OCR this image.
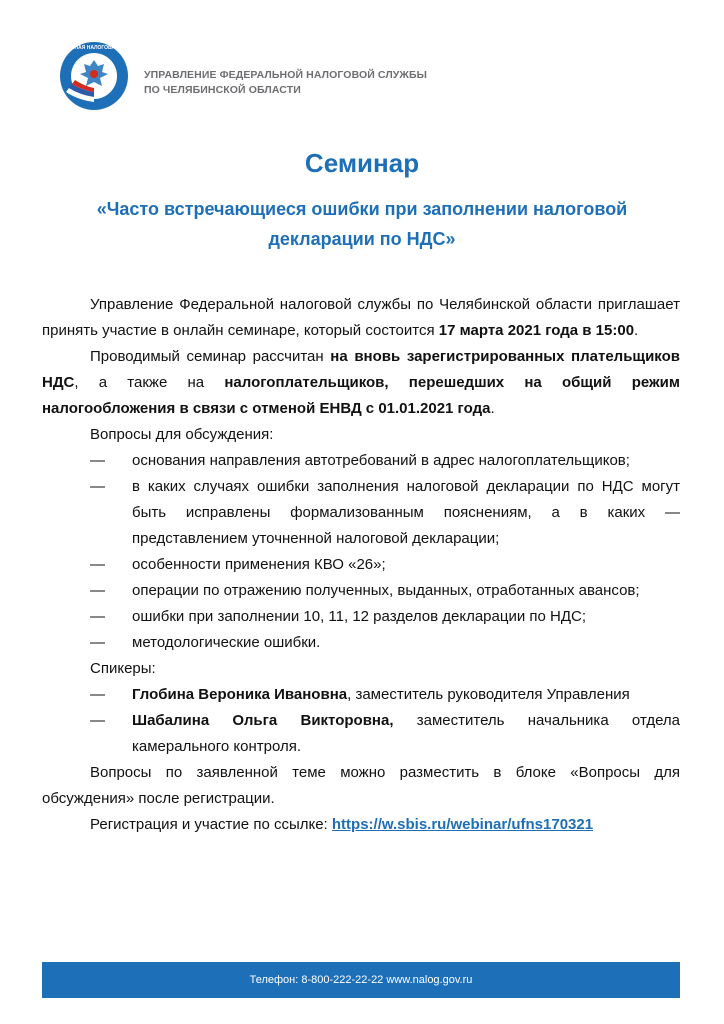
ФЕДЕРАЛЬНАЯ НАЛОГОВАЯ СЛУЖБА
УПРАВЛЕНИЕ ФЕДЕРАЛЬНОЙ НАЛОГОВОЙ СЛУЖБЫ
ПО ЧЕЛЯБИНСКОЙ ОБЛАСТИ
Семинар
«Часто встречающиеся ошибки при заполнении налоговой
декларации по НДС»

Управление Федеральной налоговой службы по Челябинской области приглашает принять участие в онлайн семинаре, который состоится 17 марта 2021 года в 15:00.

Проводимый семинар рассчитан на вновь зарегистрированных плательщиков НДС, а также на налогоплательщиков, перешедших на общий режим налогообложения в связи с отменой ЕНВД с 01.01.2021 года.

Вопросы для обсуждения:

— основания направления автотребований в адрес налогоплательщиков;
— в каких случаях ошибки заполнения налоговой декларации по НДС могут быть исправлены формализованным пояснениям, а в каких — представлением уточненной налоговой декларации;
— особенности применения КВО «26»;
— операции по отражению полученных, выданных, отработанных авансов;
— ошибки при заполнении 10, 11, 12 разделов декларации по НДС;
— методологические ошибки.

Спикеры:

— Глобина Вероника Ивановна, заместитель руководителя Управления
— Шабалина Ольга Викторовна, заместитель начальника отдела камерального контроля.

Вопросы по заявленной теме можно разместить в блоке «Вопросы для обсуждения» после регистрации.

Регистрация и участие по ссылке: https://w.sbis.ru/webinar/ufns170321

Телефон: 8-800-222-22-22 www.nalog.gov.ru
